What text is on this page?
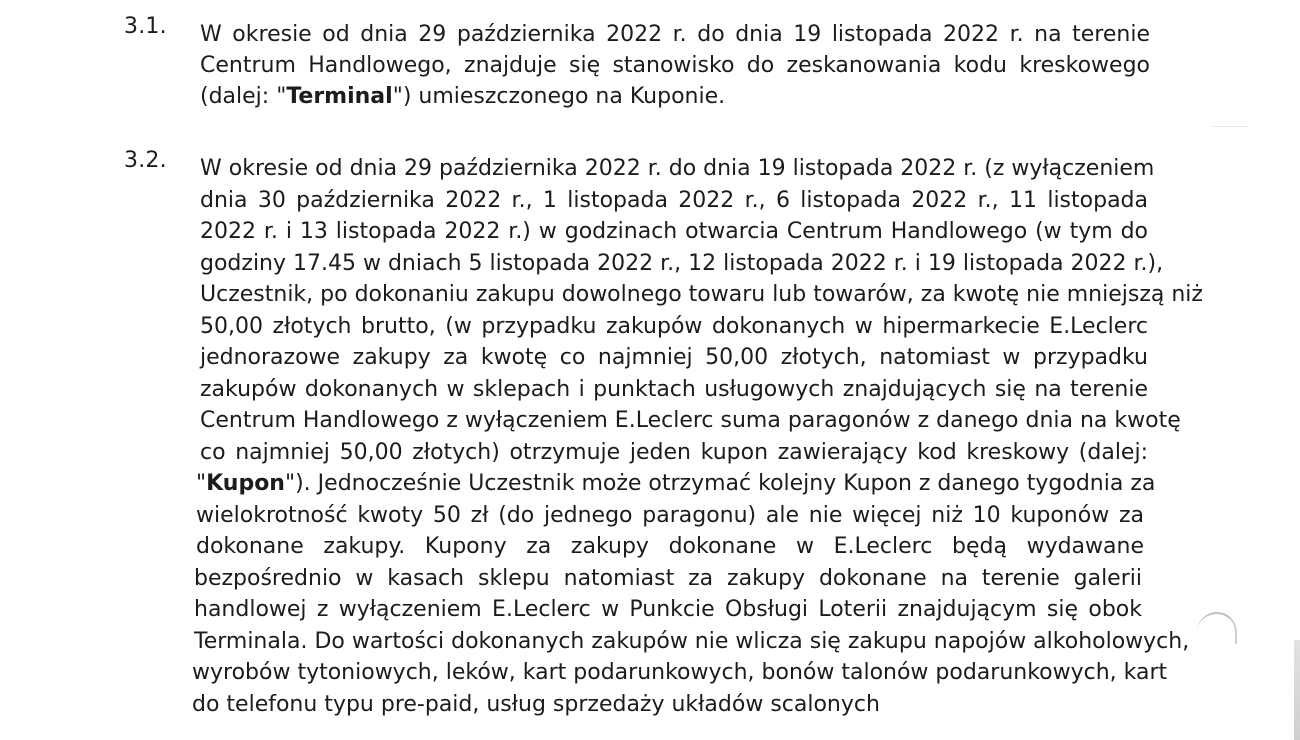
3.1. W okresie od dnia 29 października 2022 r. do dnia 19 listopada 2022 r. na terenie
Centrum Handlowego, znajduje się stanowisko do zeskanowania kodu kreskowego
(dalej: "Terminal") umieszczonego na Kuponie.
3.2. W okresie od dnia 29 października 2022 r. do dnia 19 listopada 2022 r. (z wyłączeniem
dnia 30 października 2022 r., 1 listopada 2022 r., 6 listopada 2022 r., 11 listopada
2022 r. i 13 listopada 2022 r.) w godzinach otwarcia Centrum Handlowego (w tym do
godziny 17.45 w dniach 5 listopada 2022 r., 12 listopada 2022 r. i 19 listopada 2022 r.),
Uczestnik, po dokonaniu zakupu dowolnego towaru lub towarów, za kwotę nie mniejszą niż
50,00 złotych brutto, (w przypadku zakupów dokonanych w hipermarkecie E.Leclerc
jednorazowe zakupy za kwotę co najmniej 50,00 złotych, natomiast w przypadku
zakupów dokonanych w sklepach i punktach usługowych znajdujących się na terenie
Centrum Handlowego z wyłączeniem E.Leclerc suma paragonów z danego dnia na kwotę
co najmniej 50,00 złotych) otrzymuje jeden kupon zawierający kod kreskowy (dalej:
"Kupon"). Jednocześnie Uczestnik może otrzymać kolejny Kupon z danego tygodnia za
wielokrotność kwoty 50 zł (do jednego paragonu) ale nie więcej niż 10 kuponów za
dokonane zakupy. Kupony za zakupy dokonane w E.Leclerc będą wydawane
bezpośrednio w kasach sklepu natomiast za zakupy dokonane na terenie galerii
handlowej z wyłączeniem E.Leclerc w Punkcie Obsługi Loterii znajdującym się obok
Terminala. Do wartości dokonanych zakupów nie wlicza się zakupu napojów alkoholowych,
wyrobów tytoniowych, leków, kart podarunkowych, bonów talonów podarunkowych, kart
do telefonu typu pre-paid, usług sprzedaży układów scalonych
